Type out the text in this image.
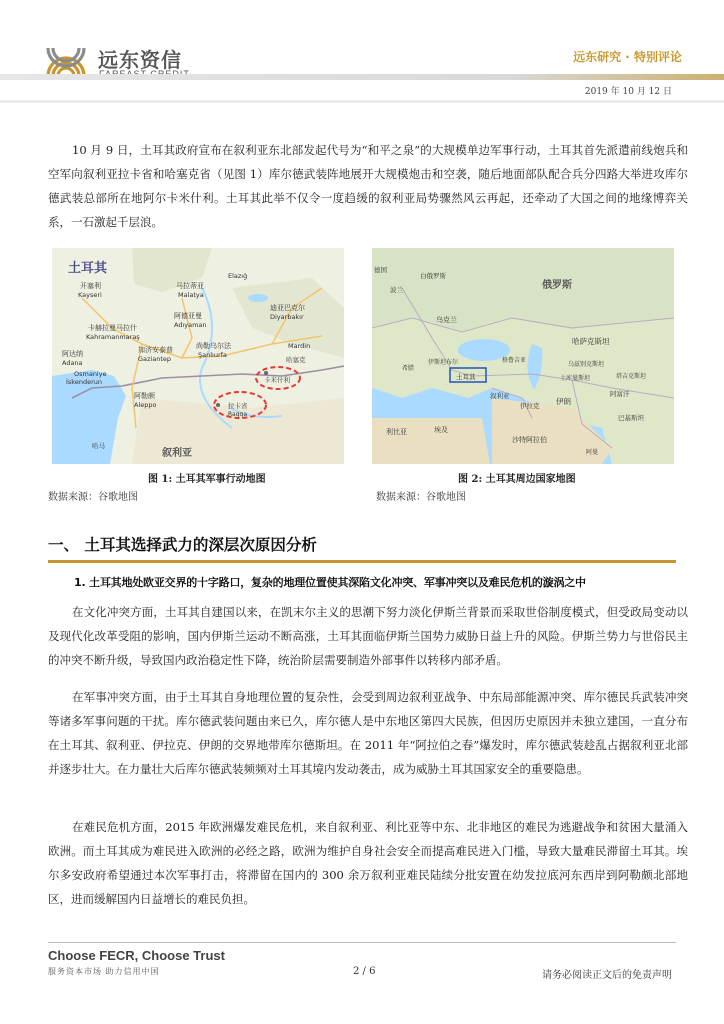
远东资信	远东研究 · 特别评论
2019 年 10 月 12 日
10 月 9 日，土耳其政府宣布在叙利亚东北部发起代号为“和平之泉”的大规模单边军事行动，土耳其首先派遣前线炮兵和空军向叙利亚拉卡省和哈塞克省（见图 1）库尔德武装阵地展开大规模炮击和空袭，随后地面部队配合兵分四路大举进攻库尔德武装总部所在地阿尔卡米什利。土耳其此举不仅令一度趋缓的叙利亚局势骤然风云再起，还牵动了大国之间的地缘博弈关系，一石激起千层浪。
土耳其
开塞利
Kayseri
马拉蒂亚
Malatya
Elazığ
阿德亚曼
Adıyaman
迪亚巴克尔
Diyarbakır
卡赫拉曼马拉什
Kahramanmaraş
加济安泰普
Gaziantep
尚勒乌尔法
Şanlıurfa
Mardin
阿达纳
Adana
Osmaniye
İskenderun
阿勒颇
Aleppo
卡米什利
哈塞克
拉卡省
Raqqa
叙利亚
哈马
土耳其
俄罗斯
乌克兰
哈萨克斯坦
伊朗
伊拉克
叙利亚
沙特阿拉伯
埃及
利比亚
阿富汗
巴基斯坦
波兰
德国
白俄罗斯
伊斯坦布尔
希腊
乌兹别克斯坦
土库曼斯坦	塔吉克斯坦
阿曼
格鲁吉亚
图 1: 土耳其军事行动地图	图 2: 土耳其周边国家地图
数据来源：谷歌地图	数据来源：谷歌地图
一、 土耳其选择武力的深层次原因分析
1. 土耳其地处欧亚交界的十字路口，复杂的地理位置使其深陷文化冲突、军事冲突以及难民危机的漩涡之中
在文化冲突方面，土耳其自建国以来，在凯末尔主义的思潮下努力淡化伊斯兰背景而采取世俗制度模式，但受政局变动以及现代化改革受阻的影响，国内伊斯兰运动不断高涨，土耳其面临伊斯兰国势力威胁日益上升的风险。伊斯兰势力与世俗民主的冲突不断升级，导致国内政治稳定性下降，统治阶层需要制造外部事件以转移内部矛盾。
在军事冲突方面，由于土耳其自身地理位置的复杂性，会受到周边叙利亚战争、中东局部能源冲突、库尔德民兵武装冲突等诸多军事问题的干扰。库尔德武装问题由来已久，库尔德人是中东地区第四大民族，但因历史原因并未独立建国，一直分布在土耳其、叙利亚、伊拉克、伊朗的交界地带库尔德斯坦。在 2011 年“阿拉伯之春”爆发时，库尔德武装趁乱占据叙利亚北部并逐步壮大。在力量壮大后库尔德武装频频对土耳其境内发动袭击，成为威胁土耳其国家安全的重要隐患。
在难民危机方面，2015 年欧洲爆发难民危机，来自叙利亚、利比亚等中东、北非地区的难民为逃避战争和贫困大量涌入欧洲。而土耳其成为难民进入欧洲的必经之路，欧洲为维护自身社会安全而提高难民进入门槛，导致大量难民滞留土耳其。埃尔多安政府希望通过本次军事打击，将滞留在国内的 300 余万叙利亚难民陆续分批安置在幼发拉底河东西岸到阿勒颇北部地区，进而缓解国内日益增长的难民负担。
Choose FECR, Choose Trust
服务资本市场 助力信用中国	2 / 6	请务必阅读正文后的免责声明
